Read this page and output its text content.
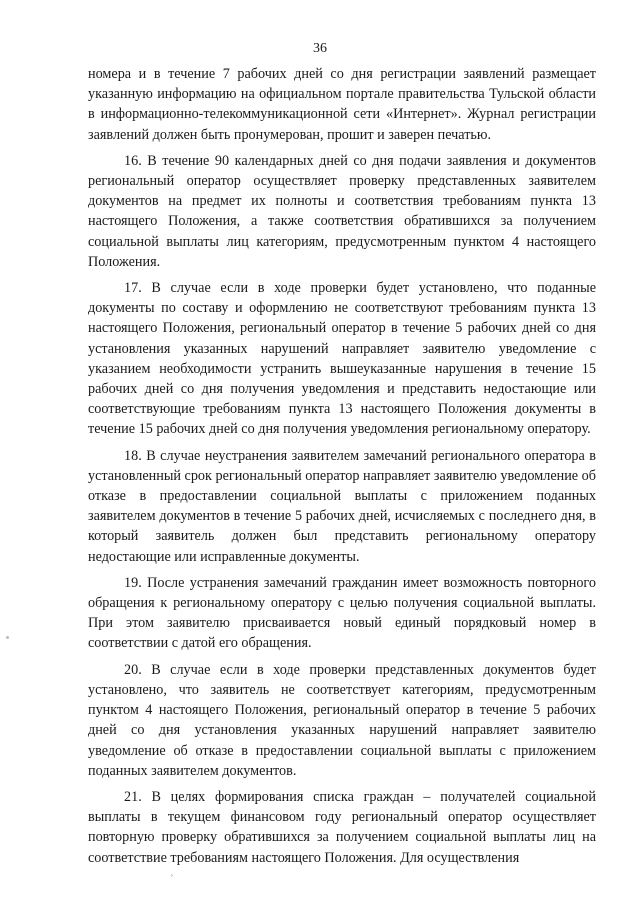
36

номера и в течение 7 рабочих дней со дня регистрации заявлений размещает указанную информацию на официальном портале правительства Тульской области в информационно-телекоммуникационной сети «Интернет». Журнал регистрации заявлений должен быть пронумерован, прошит и заверен печатью.

16. В течение 90 календарных дней со дня подачи заявления и документов региональный оператор осуществляет проверку представленных заявителем документов на предмет их полноты и соответствия требованиям пункта 13 настоящего Положения, а также соответствия обратившихся за получением социальной выплаты лиц категориям, предусмотренным пунктом 4 настоящего Положения.

17. В случае если в ходе проверки будет установлено, что поданные документы по составу и оформлению не соответствуют требованиям пункта 13 настоящего Положения, региональный оператор в течение 5 рабочих дней со дня установления указанных нарушений направляет заявителю уведомление с указанием необходимости устранить вышеуказанные нарушения в течение 15 рабочих дней со дня получения уведомления и представить недостающие или соответствующие требованиям пункта 13 настоящего Положения документы в течение 15 рабочих дней со дня получения уведомления региональному оператору.

18. В случае неустранения заявителем замечаний регионального оператора в установленный срок региональный оператор направляет заявителю уведомление об отказе в предоставлении социальной выплаты с приложением поданных заявителем документов в течение 5 рабочих дней, исчисляемых с последнего дня, в который заявитель должен был представить региональному оператору недостающие или исправленные документы.

19. После устранения замечаний гражданин имеет возможность повторного обращения к региональному оператору с целью получения социальной выплаты. При этом заявителю присваивается новый единый порядковый номер в соответствии с датой его обращения.

20. В случае если в ходе проверки представленных документов будет установлено, что заявитель не соответствует категориям, предусмотренным пунктом 4 настоящего Положения, региональный оператор в течение 5 рабочих дней со дня установления указанных нарушений направляет заявителю уведомление об отказе в предоставлении социальной выплаты с приложением поданных заявителем документов.

21. В целях формирования списка граждан – получателей социальной выплаты в текущем финансовом году региональный оператор осуществляет повторную проверку обратившихся за получением социальной выплаты лиц на соответствие требованиям настоящего Положения. Для осуществления

˒
